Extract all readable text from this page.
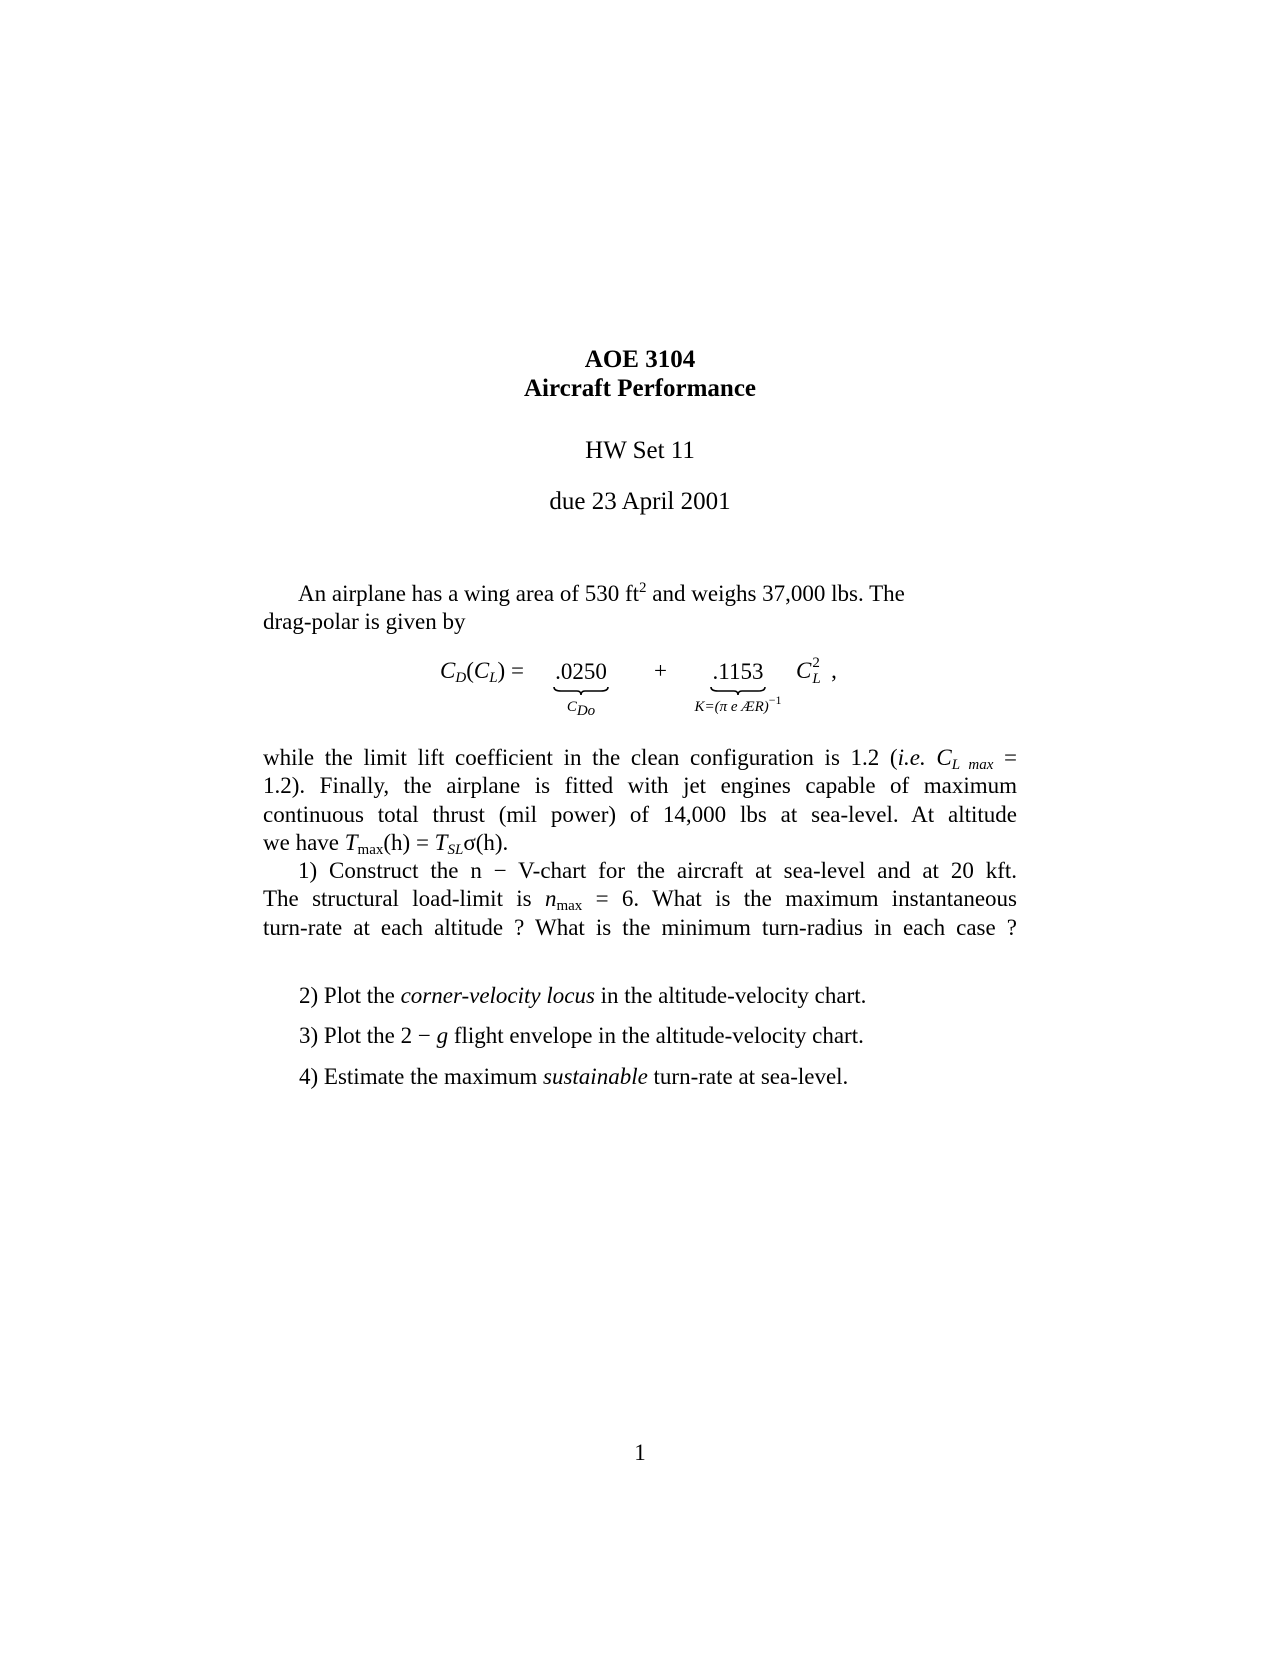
AOE 3104
Aircraft Performance
HW Set 11
due 23 April 2001
An airplane has a wing area of 530 $ft^2$ and weighs 37,000 lbs. The
drag-polar is given by
$C_D(C_L)$ =	.0250
$C_{Do}$
+	.1153
K=(π e ÆR)$^{-1}$
C 2
L ,
while the limit lift coefficient in the clean configuration is 1.2 (i.e. $C_{L max}$ =
1.2). Finally, the airplane is fitted with jet engines capable of maximum
continuous total thrust (mil power) of 14,000 lbs at sea-level. At altitude
we have $T_{max}(h) = T_{SL}\sigma(h)$.
1) Construct the n − V-chart for the aircraft at sea-level and at 20 kft.
The structural load-limit is $n_{max} = 6$. What is the maximum instantaneous
turn-rate at each altitude ? What is the minimum turn-radius in each case ?
2) Plot the corner-velocity locus in the altitude-velocity chart.
3) Plot the 2 − g flight envelope in the altitude-velocity chart.
4) Estimate the maximum sustainable turn-rate at sea-level.
1
